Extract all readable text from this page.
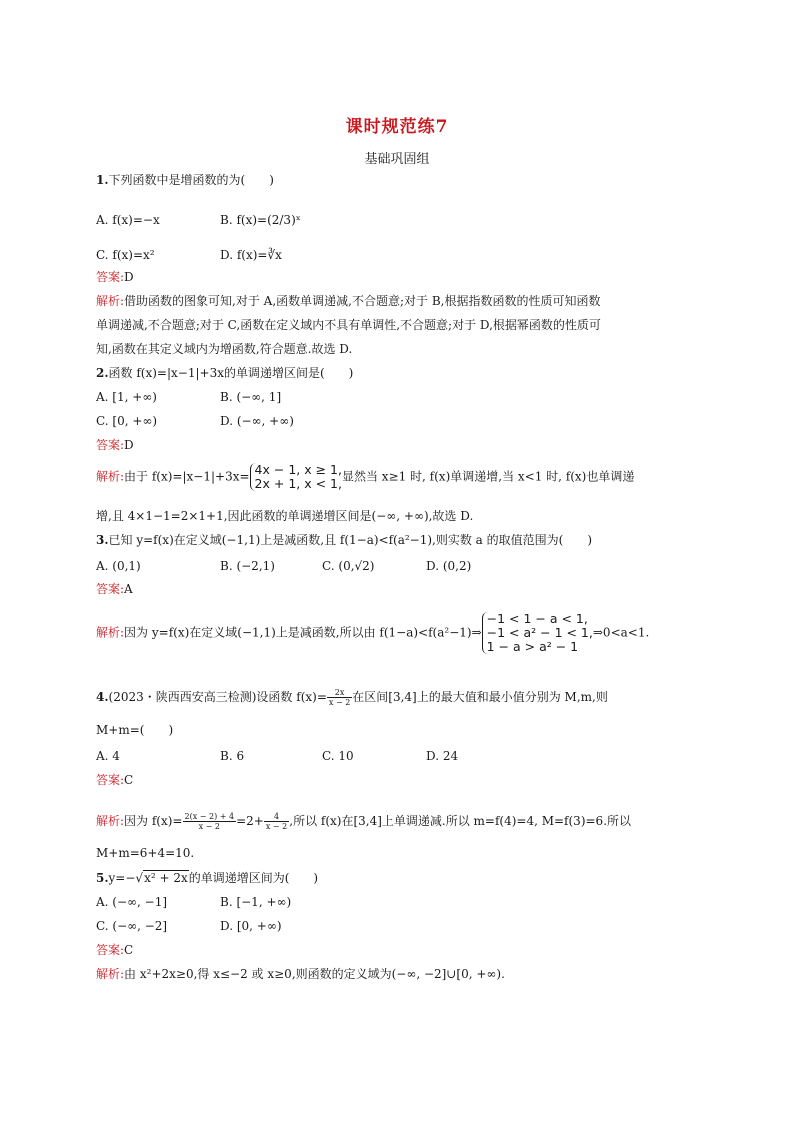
课时规范练7
基础巩固组
1.下列函数中是增函数的为(　　)
A. f(x)=−x	B. f(x)=(2/3)ˣ
C. f(x)=x²	D. f(x)=∛x
答案:D
解析:借助函数的图象可知,对于 A,函数单调递减,不合题意;对于 B,根据指数函数的性质可知函数
单调递减,不合题意;对于 C,函数在定义域内不具有单调性,不合题意;对于 D,根据幂函数的性质可
知,函数在其定义域内为增函数,符合题意.故选 D.
2.函数 f(x)=|x−1|+3x的单调递增区间是(　　)
A. [1, +∞)	B. (−∞, 1]
C. [0, +∞)	D. (−∞, +∞)
答案:D
解析:由于 f(x)=|x−1|+3x= 4x − 1, x ≥ 1,
2x + 1, x < 1, 显然当 x≥1 时, f(x)单调递增,当 x<1 时, f(x)也单调递
增,且 4×1−1=2×1+1,因此函数的单调递增区间是(−∞, +∞),故选 D.
3.已知 y=f(x)在定义域(−1,1)上是减函数,且 f(1−a)<f(a²−1),则实数 a 的取值范围为(　　)
A. (0,1)	B. (−2,1)	C. (0,√2)	D. (0,2)
答案:A
解析:因为 y=f(x)在定义域(−1,1)上是减函数,所以由 f(1−a)<f(a²−1)⇒
−1 < 1 − a < 1,
−1 < a² − 1 < 1,
1 − a > a² − 1
⇒0<a<1.
4.(2023・陕西西安高三检测)设函数 $f(x)= \frac{2x}{x - 2}$ 在区间[3,4]上的最大值和最小值分别为 M,m,则
M+m=(　　)
A. 4	B. 6	C. 10	D. 24
答案:C
解析:因为 $f(x)= \frac{2(x - 2) + 4}{x - 2} =2+ \frac{4}{x - 2}$ ,所以 f(x)在[3,4]上单调递减.所以 m=f(4)=4, M=f(3)=6.所以
M+m=6+4=10.
5.y=−√x² + 2x的单调递增区间为(　　)
A. (−∞, −1]	B. [−1, +∞)
C. (−∞, −2]	D. [0, +∞)
答案:C
解析:由 x²+2x≥0,得 x≤−2 或 x≥0,则函数的定义域为(−∞, −2]∪[0, +∞).
